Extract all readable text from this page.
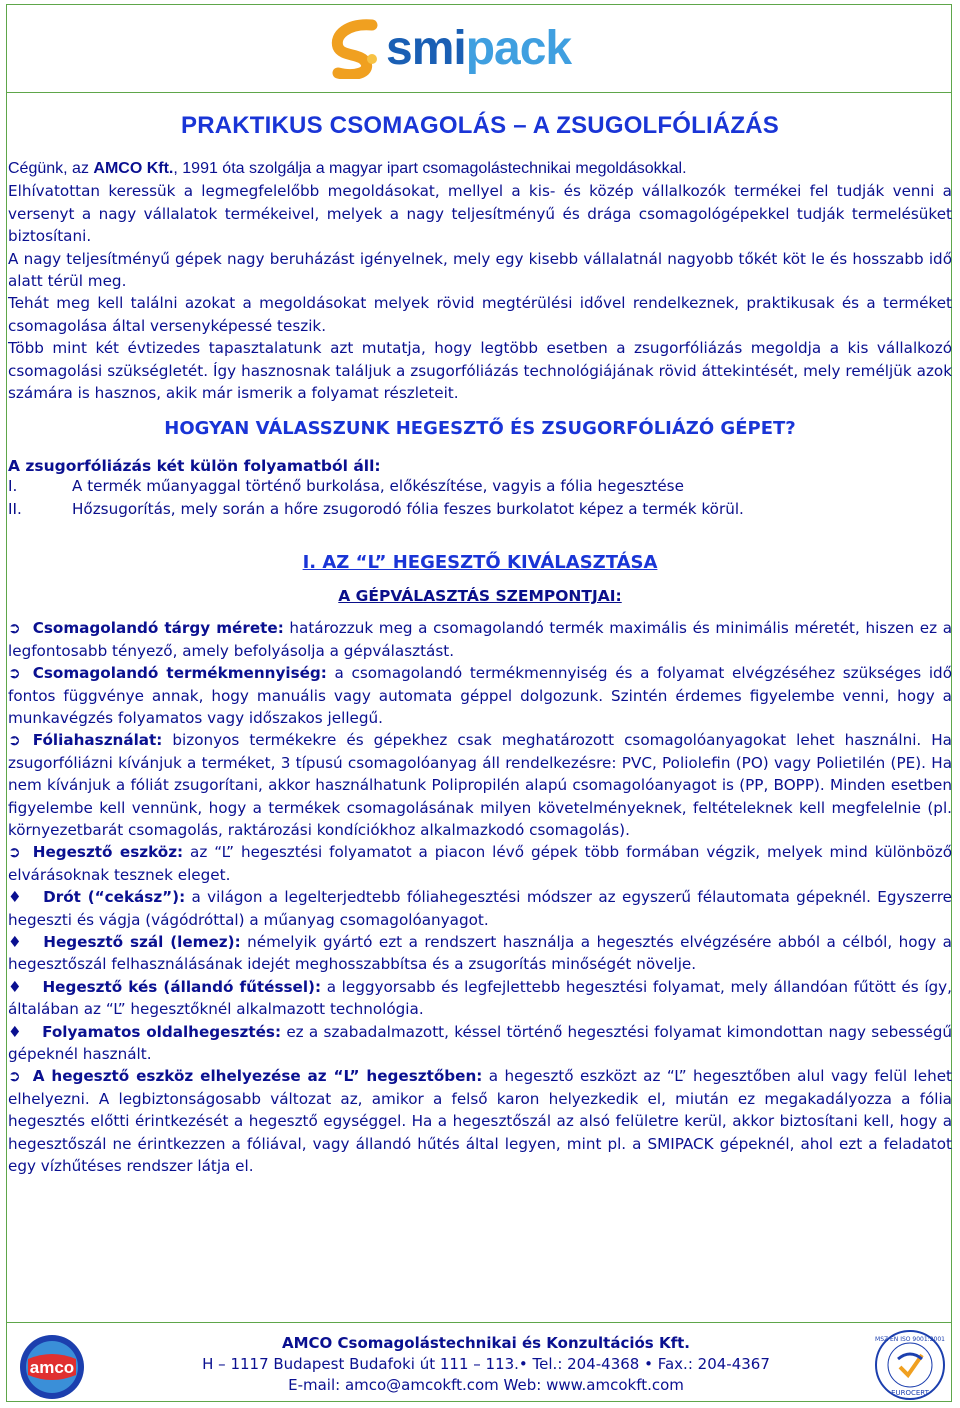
smipack
PRAKTIKUS CSOMAGOLÁS – A ZSUGOLFÓLIÁZÁS

Cégünk, az AMCO Kft., 1991 óta szolgálja a magyar ipart csomagolástechnikai megoldásokkal.

Elhívatottan keressük a legmegfelelőbb megoldásokat, mellyel a kis- és közép vállalkozók termékei fel tudják venni a versenyt a nagy vállalatok termékeivel, melyek a nagy teljesítményű és drága csomagológépekkel tudják termelésüket biztosítani.

A nagy teljesítményű gépek nagy beruházást igényelnek, mely egy kisebb vállalatnál nagyobb tőkét köt le és hosszabb idő alatt térül meg.

Tehát meg kell találni azokat a megoldásokat melyek rövid megtérülési idővel rendelkeznek, praktikusak és a terméket csomagolása által versenyképessé teszik.

Több mint két évtizedes tapasztalatunk azt mutatja, hogy legtöbb esetben a zsugorfóliázás megoldja a kis vállalkozó csomagolási szükségletét. Így hasznosnak találjuk a zsugorfóliázás technológiájának rövid áttekintését, mely reméljük azok számára is hasznos, akik már ismerik a folyamat részleteit.

HOGYAN VÁLASSZUNK HEGESZTŐ ÉS ZSUGORFÓLIÁZÓ GÉPET?
A zsugorfóliázás két külön folyamatból áll:
I.	A termék műanyaggal történő burkolása, előkészítése, vagyis a fólia hegesztése
II.	Hőzsugorítás, mely során a hőre zsugorodó fólia feszes burkolatot képez a termék körül.
I. AZ “L” HEGESZTŐ KIVÁLASZTÁSA
A GÉPVÁLASZTÁS SZEMPONTJAI:

➲ Csomagolandó tárgy mérete: határozzuk meg a csomagolandó termék maximális és minimális méretét, hiszen ez a legfontosabb tényező, amely befolyásolja a gépválasztást.

➲ Csomagolandó termékmennyiség: a csomagolandó termékmennyiség és a folyamat elvégzéséhez szükséges idő fontos függvénye annak, hogy manuális vagy automata géppel dolgozunk. Szintén érdemes figyelembe venni, hogy a munkavégzés folyamatos vagy időszakos jellegű.

➲ Fóliahasználat: bizonyos termékekre és gépekhez csak meghatározott csomagolóanyagokat lehet használni. Ha zsugorfóliázni kívánjuk a terméket, 3 típusú csomagolóanyag áll rendelkezésre: PVC, Poliolefin (PO) vagy Polietilén (PE). Ha nem kívánjuk a fóliát zsugorítani, akkor használhatunk Polipropilén alapú csomagolóanyagot is (PP, BOPP). Minden esetben figyelembe kell vennünk, hogy a termékek csomagolásának milyen követelményeknek, feltételeknek kell megfelelnie (pl. környezetbarát csomagolás, raktározási kondíciókhoz alkalmazkodó csomagolás).

➲ Hegesztő eszköz: az “L” hegesztési folyamatot a piacon lévő gépek több formában végzik, melyek mind különböző elvárásoknak tesznek eleget.

♦ Drót (“cekász”): a világon a legelterjedtebb fóliahegesztési módszer az egyszerű félautomata gépeknél. Egyszerre hegeszti és vágja (vágódróttal) a műanyag csomagolóanyagot.

♦ Hegesztő szál (lemez): némelyik gyártó ezt a rendszert használja a hegesztés elvégzésére abból a célból, hogy a hegesztőszál felhasználásának idejét meghosszabbítsa és a zsugorítás minőségét növelje.

♦ Hegesztő kés (állandó fűtéssel): a leggyorsabb és legfejlettebb hegesztési folyamat, mely állandóan fűtött és így, általában az “L” hegesztőknél alkalmazott technológia.

♦ Folyamatos oldalhegesztés: ez a szabadalmazott, késsel történő hegesztési folyamat kimondottan nagy sebességű gépeknél használt.

➲ A hegesztő eszköz elhelyezése az “L” hegesztőben: a hegesztő eszközt az “L” hegesztőben alul vagy felül lehet elhelyezni. A legbiztonságosabb változat az, amikor a felső karon helyezkedik el, miután ez megakadályozza a fólia hegesztés előtti érintkezését a hegesztő egységgel. Ha a hegesztőszál az alsó felületre kerül, akkor biztosítani kell, hogy a hegesztőszál ne érintkezzen a fóliával, vagy állandó hűtés által legyen, mint pl. a SMIPACK gépeknél, ahol ezt a feladatot egy vízhűtéses rendszer látja el.

amco
AMCO Csomagolástechnikai és Konzultációs Kft.
H – 1117 Budapest Budafoki út 111 – 113.• Tel.: 204-4368 • Fax.: 204-4367
E-mail: amco@amcokft.com Web: www.amcokft.com
MSZ EN ISO 9001:2001
EUROCERT
